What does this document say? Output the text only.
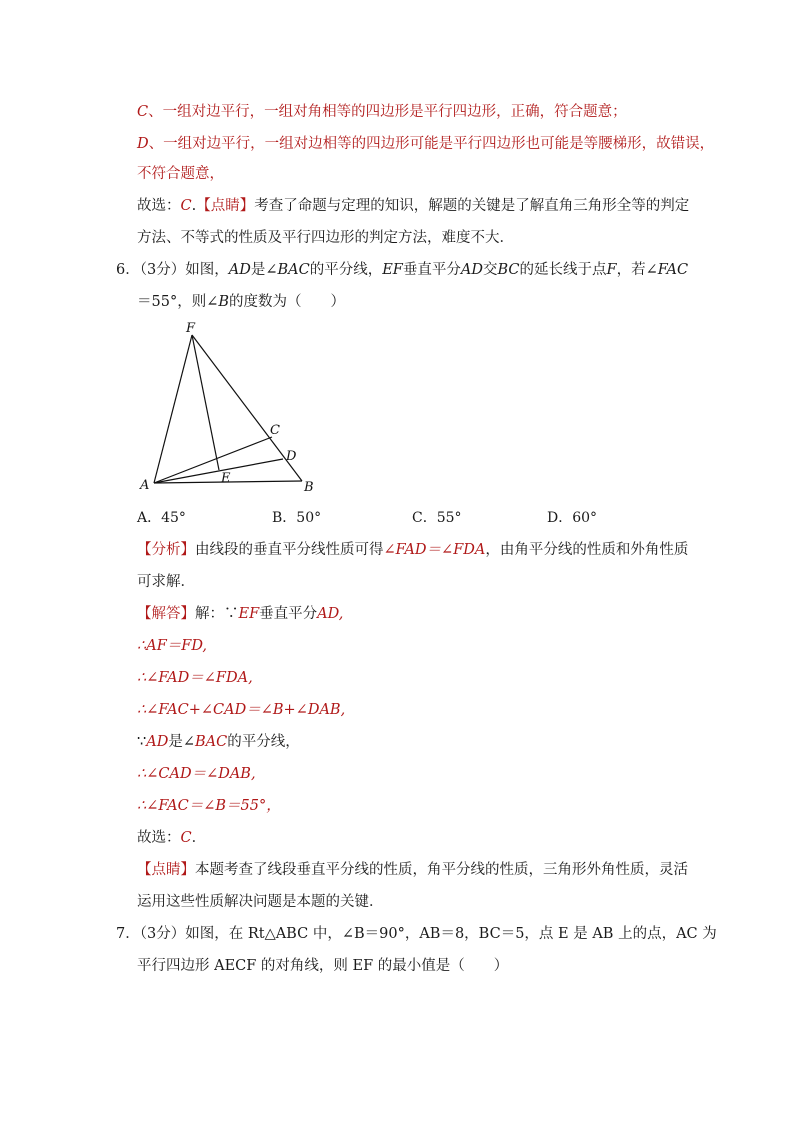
C、一组对边平行，一组对角相等的四边形是平行四边形，正确，符合题意；
D、一组对边平行，一组对边相等的四边形可能是平行四边形也可能是等腰梯形，故错误，
不符合题意，
故选：C.【点睛】考查了命题与定理的知识，解题的关键是了解直角三角形全等的判定
方法、不等式的性质及平行四边形的判定方法，难度不大．
6．（3分）如图，AD是∠BAC的平分线，EF垂直平分AD交BC的延长线于点F，若∠FAC
＝55°，则∠B的度数为（　　）
F
C
D
A	E
B
A．45°	B．50°	C．55°	D．60°
【分析】由线段的垂直平分线性质可得∠FAD＝∠FDA，由角平分线的性质和外角性质
可求解．
【解答】解：∵EF垂直平分AD,
∴AF＝FD,
∴∠FAD＝∠FDA,
∴∠FAC+∠CAD＝∠B+∠DAB,
∵AD是∠BAC的平分线，
∴∠CAD＝∠DAB,
∴∠FAC＝∠B＝55°，
故选：C．
【点睛】本题考查了线段垂直平分线的性质，角平分线的性质，三角形外角性质，灵活
运用这些性质解决问题是本题的关键．
7．（3分）如图，在 Rt△ABC 中，∠B＝90°，AB＝8，BC＝5，点 E 是 AB 上的点，AC 为
平行四边形 AECF 的对角线，则 EF 的最小值是（　　）
